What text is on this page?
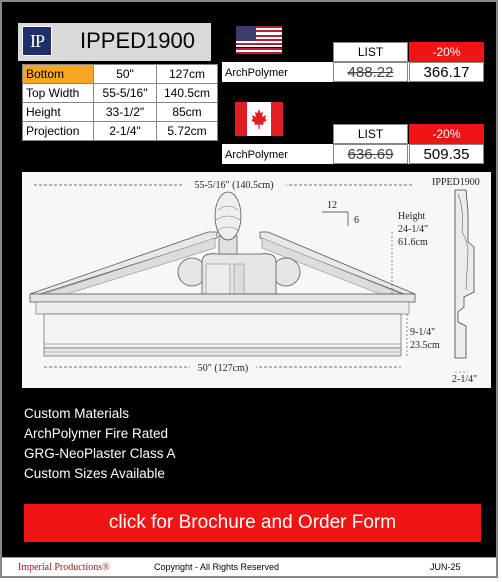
IP	IPPED1900
Bottom	50"	127cm
Top Width	55-5/16"	140.5cm
Height	33-1/2"	85cm
Projection	2-1/4"	5.72cm
LIST	-20%
ArchPolymer	488.22	366.17
LIST	-20%
ArchPolymer	636.69	509.35
IPPED1900
55-5/16" (140.5cm)
12
6
50" (127cm)
Height
24-1/4"
61.6cm
9-1/4"
23.5cm
2-1/4"
Custom Materials
ArchPolymer Fire Rated
GRG-NeoPlaster Class A
Custom Sizes Available
click for Brochure and Order Form
Imperial Productions®	Copyright - All Rights Reserved	JUN-25
